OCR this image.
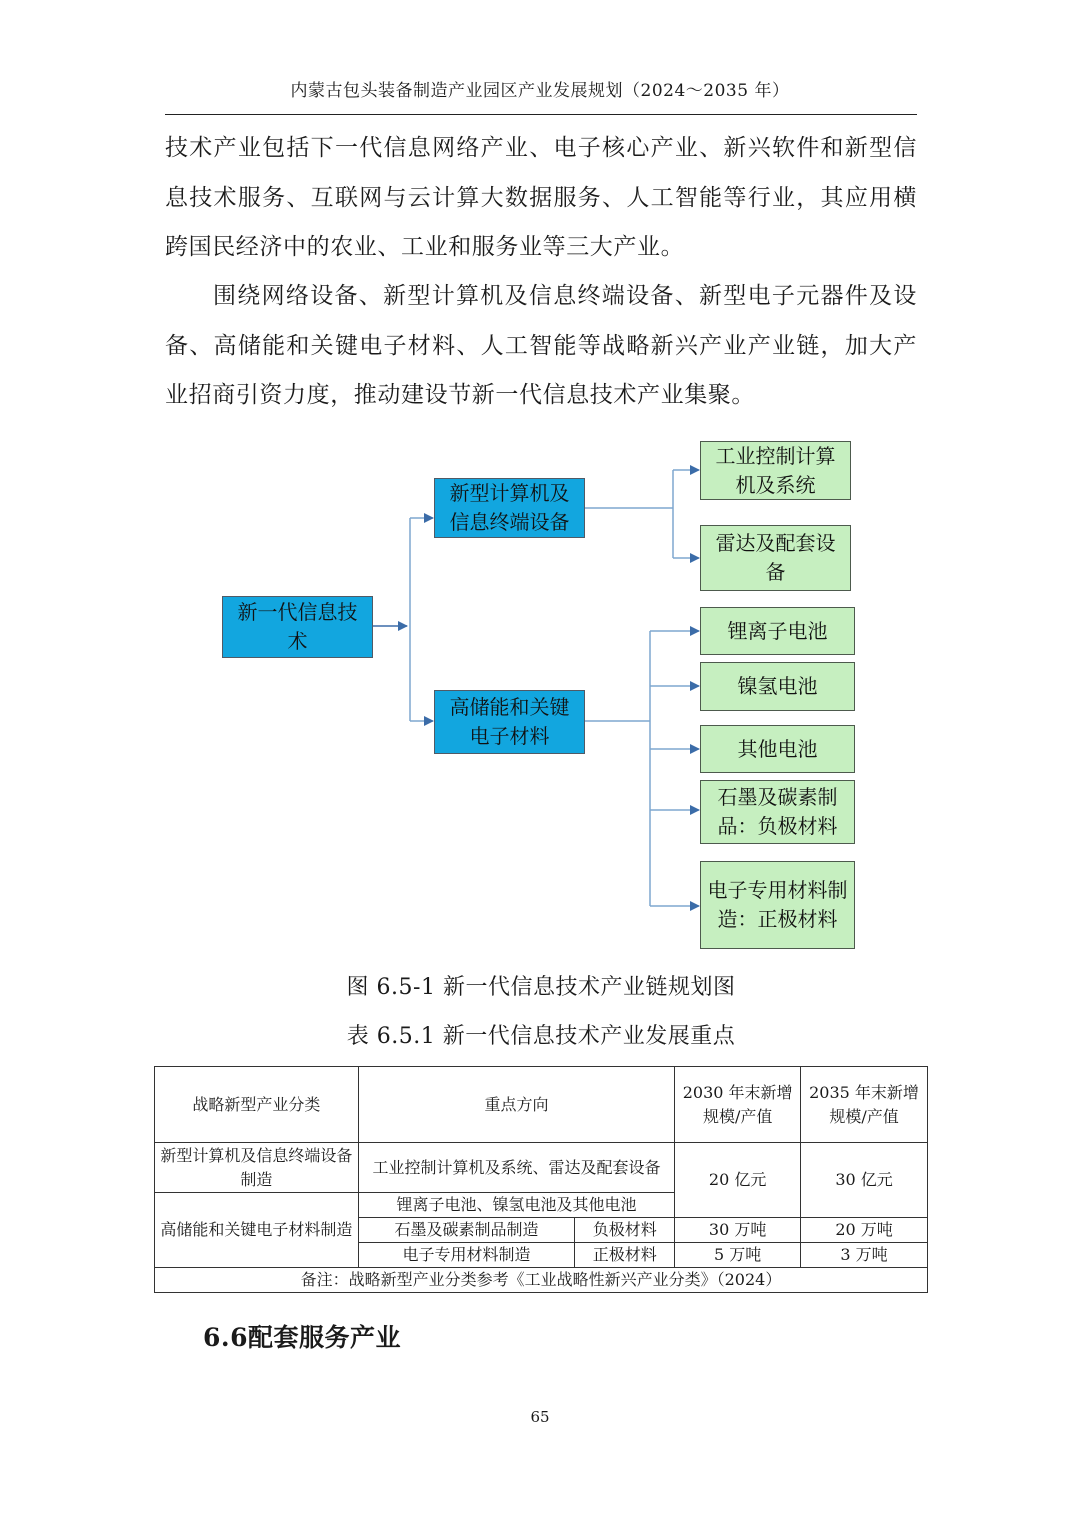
内蒙古包头装备制造产业园区产业发展规划（2024～2035 年）

技术产业包括下一代信息网络产业、电子核心产业、新兴软件和新型信息技术服务、互联网与云计算大数据服务、人工智能等行业，其应用横跨国民经济中的农业、工业和服务业等三大产业。

围绕网络设备、新型计算机及信息终端设备、新型电子元器件及设备、高储能和关键电子材料、人工智能等战略新兴产业产业链，加大产业招商引资力度，推动建设节新一代信息技术产业集聚。

新一代信息技术
新型计算机及信息终端设备
高储能和关键电子材料
工业控制计算机及系统
雷达及配套设备
锂离子电池
镍氢电池
其他电池
石墨及碳素制品：负极材料
电子专用材料制造：正极材料
图 6.5-1 新一代信息技术产业链规划图
表 6.5.1 新一代信息技术产业发展重点
战略新型产业分类	重点方向		2030 年末新增规模/产值	2035 年末新增规模/产值
新型计算机及信息终端设备制造	工业控制计算机及系统、雷达及配套设备		20 亿元	30 亿元
高储能和关键电子材料制造	锂离子电池、镍氢电池及其他电池			
	石墨及碳素制品制造	负极材料	30 万吨	20 万吨
	电子专用材料制造	正极材料	5 万吨	3 万吨
备注：战略新型产业分类参考《工业战略性新兴产业分类》（2024）				
6.6配套服务产业
65
